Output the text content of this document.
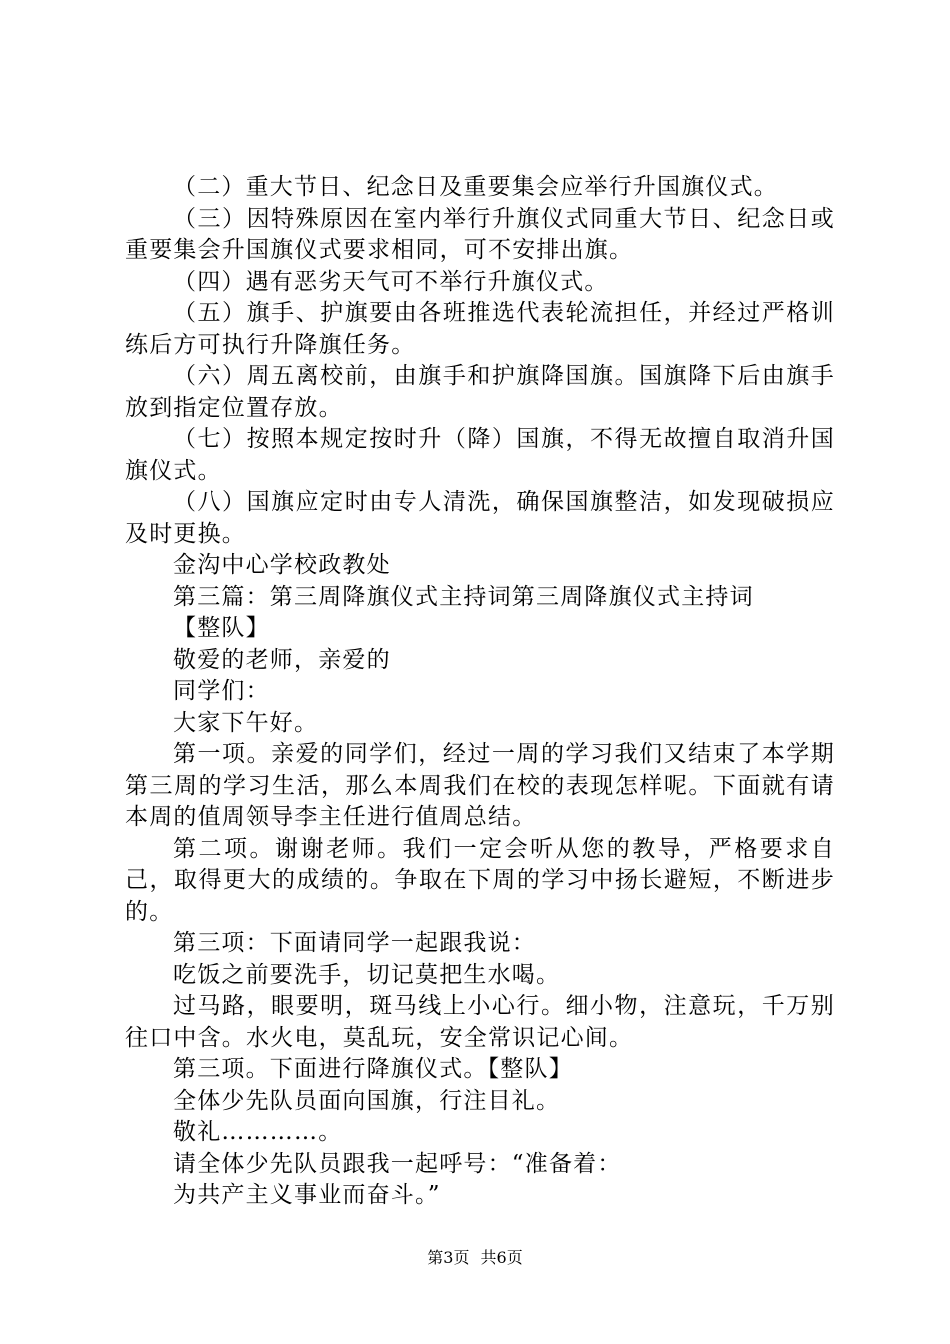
（二）重大节日、纪念日及重要集会应举行升国旗仪式。

（三）因特殊原因在室内举行升旗仪式同重大节日、纪念日或重要集会升国旗仪式要求相同，可不安排出旗。

（四）遇有恶劣天气可不举行升旗仪式。

（五）旗手、护旗要由各班推选代表轮流担任，并经过严格训练后方可执行升降旗任务。

（六）周五离校前，由旗手和护旗降国旗。国旗降下后由旗手放到指定位置存放。

（七）按照本规定按时升（降）国旗，不得无故擅自取消升国旗仪式。

（八）国旗应定时由专人清洗，确保国旗整洁，如发现破损应及时更换。

金沟中心学校政教处

第三篇：第三周降旗仪式主持词第三周降旗仪式主持词

【整队】

敬爱的老师，亲爱的

同学们：

大家下午好。

第一项。亲爱的同学们，经过一周的学习我们又结束了本学期第三周的学习生活，那么本周我们在校的表现怎样呢。下面就有请本周的值周领导李主任进行值周总结。

第二项。谢谢老师。我们一定会听从您的教导，严格要求自己，取得更大的成绩的。争取在下周的学习中扬长避短，不断进步的。

第三项：下面请同学一起跟我说：

吃饭之前要洗手，切记莫把生水喝。

过马路，眼要明，斑马线上小心行。细小物，注意玩，千万别往口中含。水火电，莫乱玩，安全常识记心间。

第三项。下面进行降旗仪式。【整队】

全体少先队员面向国旗，行注目礼。

敬礼…………。

请全体少先队员跟我一起呼号：“准备着：

为共产主义事业而奋斗。”

第3页 共6页
